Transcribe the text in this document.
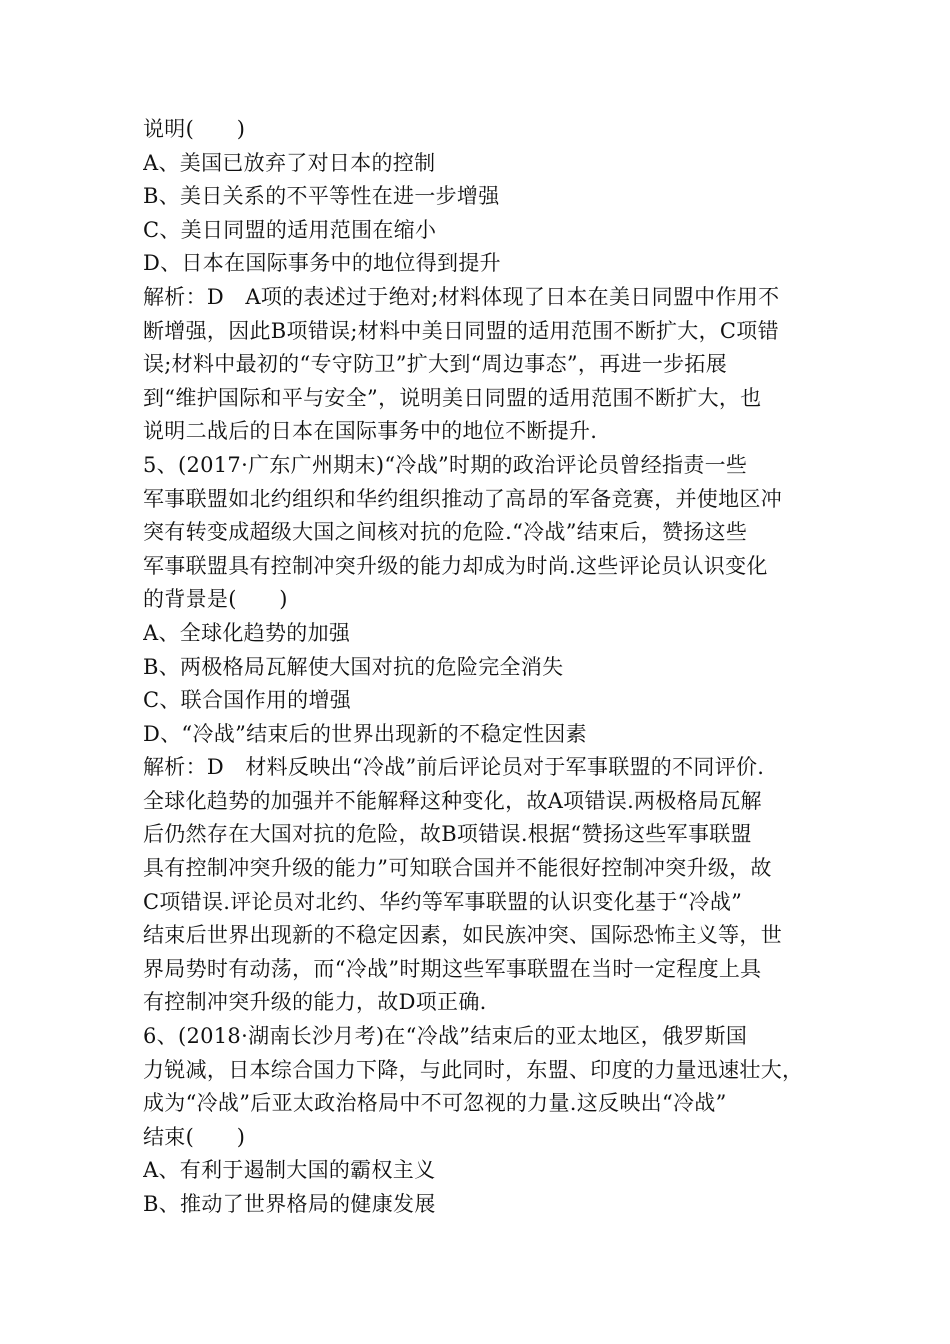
说明(　　)
A、美国已放弃了对日本的控制
B、美日关系的不平等性在进一步增强
C、美日同盟的适用范围在缩小
D、日本在国际事务中的地位得到提升
解析：D　A项的表述过于绝对;材料体现了日本在美日同盟中作用不
断增强，因此B项错误;材料中美日同盟的适用范围不断扩大，C项错
误;材料中最初的“专守防卫”扩大到“周边事态”，再进一步拓展
到“维护国际和平与安全”，说明美日同盟的适用范围不断扩大，也
说明二战后的日本在国际事务中的地位不断提升.
5、(2017·广东广州期末)“冷战”时期的政治评论员曾经指责一些
军事联盟如北约组织和华约组织推动了高昂的军备竞赛，并使地区冲
突有转变成超级大国之间核对抗的危险.“冷战”结束后，赞扬这些
军事联盟具有控制冲突升级的能力却成为时尚.这些评论员认识变化
的背景是(　　)
A、全球化趋势的加强
B、两极格局瓦解使大国对抗的危险完全消失
C、联合国作用的增强
D、“冷战”结束后的世界出现新的不稳定性因素
解析：D　材料反映出“冷战”前后评论员对于军事联盟的不同评价.
全球化趋势的加强并不能解释这种变化，故A项错误.两极格局瓦解
后仍然存在大国对抗的危险，故B项错误.根据“赞扬这些军事联盟
具有控制冲突升级的能力”可知联合国并不能很好控制冲突升级，故
C项错误.评论员对北约、华约等军事联盟的认识变化基于“冷战”
结束后世界出现新的不稳定因素，如民族冲突、国际恐怖主义等，世
界局势时有动荡，而“冷战”时期这些军事联盟在当时一定程度上具
有控制冲突升级的能力，故D项正确.
6、(2018·湖南长沙月考)在“冷战”结束后的亚太地区，俄罗斯国
力锐减，日本综合国力下降，与此同时，东盟、印度的力量迅速壮大，
成为“冷战”后亚太政治格局中不可忽视的力量.这反映出“冷战”
结束(　　)
A、有利于遏制大国的霸权主义
B、推动了世界格局的健康发展
